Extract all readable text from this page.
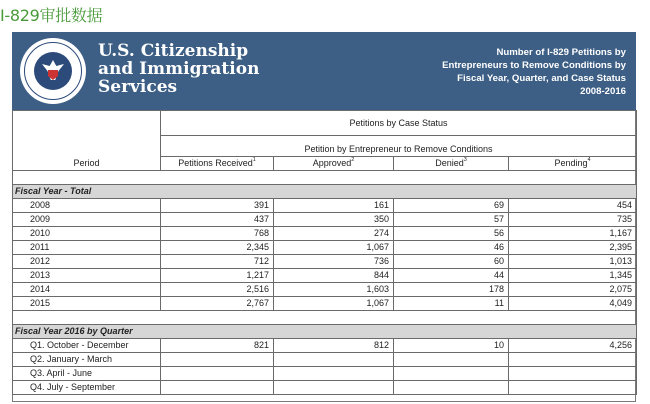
I-829审批数据
U.S. Citizenship
and Immigration
Services
Number of I-829 Petitions by
Entrepreneurs to Remove Conditions by
Fiscal Year, Quarter, and Case Status
2008-2016
Period	Petitions by Case Status			
	Petition by Entrepreneur to Remove Conditions			
	Petitions Received$^1$	Approved$^2$	Denied$^3$	Pending$^4$

Fiscal Year - Total				
2008	391	161	69	454
2009	437	350	57	735
2010	768	274	56	1,167
2011	2,345	1,067	46	2,395
2012	712	736	60	1,013
2013	1,217	844	44	1,345
2014	2,516	1,603	178	2,075
2015	2,767	1,067	11	4,049

Fiscal Year 2016 by Quarter				
Q1. October - December	821	812	10	4,256
Q2. January - March				
Q3. April - June				
Q4. July - September				
